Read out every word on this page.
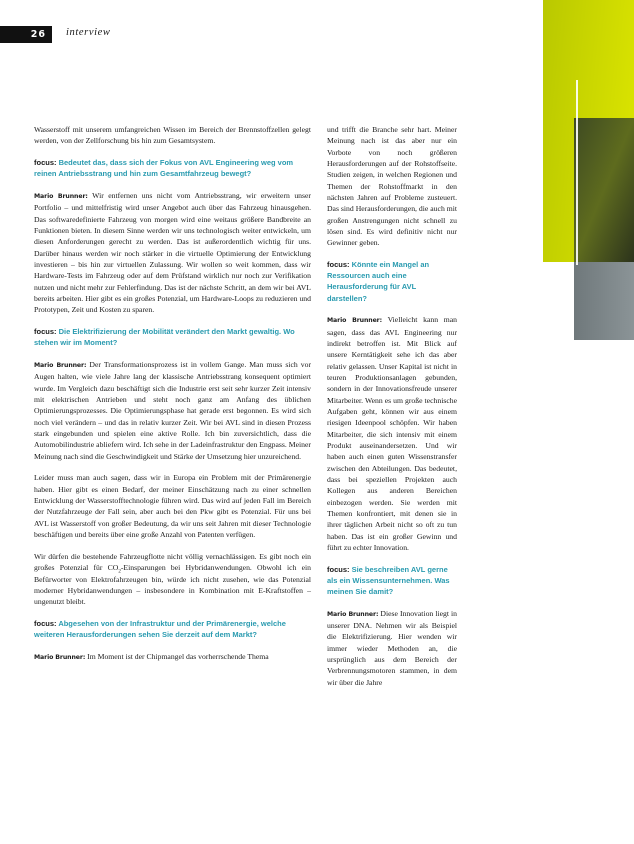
26	interview

Wasserstoff mit unserem umfangreichen Wissen im Bereich der Brennstoffzellen gelegt werden, von der Zellforschung bis hin zum Gesamtsystem.

focus: Bedeutet das, dass sich der Fokus von AVL Engineering weg vom reinen Antriebsstrang und hin zum Gesamtfahrzeug bewegt?

Mario Brunner: Wir entfernen uns nicht vom Antriebsstrang, wir erweitern unser Portfolio – und mittelfristig wird unser Angebot auch über das Fahrzeug hinausgehen. Das softwaredefinierte Fahrzeug von morgen wird eine weitaus größere Bandbreite an Funktionen bieten. In diesem Sinne werden wir uns technologisch weiter entwickeln, um diesen Anforderungen gerecht zu werden. Das ist außerordentlich wichtig für uns. Darüber hinaus werden wir noch stärker in die virtuelle Optimierung der Entwicklung investieren – bis hin zur virtuellen Zulassung. Wir wollen so weit kommen, dass wir Hardware-Tests im Fahrzeug oder auf dem Prüfstand wirklich nur noch zur Verifikation nutzen und nicht mehr zur Fehlerfindung. Das ist der nächste Schritt, an dem wir bei AVL bereits arbeiten. Hier gibt es ein großes Potenzial, um Hardware-Loops zu reduzieren und Prototypen, Zeit und Kosten zu sparen.

focus: Die Elektrifizierung der Mobilität verändert den Markt gewaltig. Wo stehen wir im Moment?

Mario Brunner: Der Transformationsprozess ist in vollem Gange. Man muss sich vor Augen halten, wie viele Jahre lang der klassische Antriebsstrang konsequent optimiert wurde. Im Vergleich dazu beschäftigt sich die Industrie erst seit sehr kurzer Zeit intensiv mit elektrischen Antrieben und steht noch ganz am Anfang des üblichen Optimierungsprozesses. Die Optimierungsphase hat gerade erst begonnen. Es wird sich noch viel verändern – und das in relativ kurzer Zeit. Wir bei AVL sind in diesen Prozess stark eingebunden und spielen eine aktive Rolle. Ich bin zuversichtlich, dass die Automobilindustrie abliefern wird. Ich sehe in der Ladeinfrastruktur den Engpass. Meiner Meinung nach sind die Geschwindigkeit und Stärke der Umsetzung hier unzureichend.

Leider muss man auch sagen, dass wir in Europa ein Problem mit der Primärenergie haben. Hier gibt es einen Bedarf, der meiner Einschätzung nach zu einer schnellen Entwicklung der Wasserstofftechnologie führen wird. Das wird auf jeden Fall im Bereich der Nutzfahrzeuge der Fall sein, aber auch bei den Pkw gibt es Potenzial. Für uns bei AVL ist Wasserstoff von großer Bedeutung, da wir uns seit Jahren mit dieser Technologie beschäftigen und bereits über eine große Anzahl von Patenten verfügen.

Wir dürfen die bestehende Fahrzeugflotte nicht völlig vernachlässigen. Es gibt noch ein großes Potenzial für $CO_2$-Einsparungen bei Hybridanwendungen. Obwohl ich ein Befürworter von Elektrofahrzeugen bin, würde ich nicht zusehen, wie das Potenzial moderner Hybridanwendungen – insbesondere in Kombination mit E-Kraftstoffen – ungenutzt bleibt.

focus: Abgesehen von der Infrastruktur und der Primärenergie, welche weiteren Herausforderungen sehen Sie derzeit auf dem Markt?

Mario Brunner: Im Moment ist der Chipmangel das vorherrschende Thema

und trifft die Branche sehr hart. Meiner Meinung nach ist das aber nur ein Vorbote von noch größeren Herausforderungen auf der Rohstoffseite. Studien zeigen, in welchen Regionen und Themen der Rohstoffmarkt in den nächsten Jahren auf Probleme zusteuert. Das sind Herausforderungen, die auch mit großen Anstrengungen nicht schnell zu lösen sind. Es wird definitiv nicht nur Gewinner geben.

focus: Könnte ein Mangel an Ressourcen auch eine Herausforderung für AVL darstellen?

Mario Brunner: Vielleicht kann man sagen, dass das AVL Engineering nur indirekt betroffen ist. Mit Blick auf unsere Kerntätigkeit sehe ich das aber relativ gelassen. Unser Kapital ist nicht in teuren Produktionsanlagen gebunden, sondern in der Innovationsfreude unserer Mitarbeiter. Wenn es um große technische Aufgaben geht, können wir aus einem riesigen Ideenpool schöpfen. Wir haben Mitarbeiter, die sich intensiv mit einem Produkt auseinandersetzen. Und wir haben auch einen guten Wissenstransfer zwischen den Abteilungen. Das bedeutet, dass bei speziellen Projekten auch Kollegen aus anderen Bereichen einbezogen werden. Sie werden mit Themen konfrontiert, mit denen sie in ihrer täglichen Arbeit nicht so oft zu tun haben. Das ist ein großer Gewinn und führt zu echter Innovation.

focus: Sie beschreiben AVL gerne als ein Wissensunternehmen. Was meinen Sie damit?

Mario Brunner: Diese Innovation liegt in unserer DNA. Nehmen wir als Beispiel die Elektrifizierung. Hier wenden wir immer wieder Methoden an, die ursprünglich aus dem Bereich der Verbrennungsmotoren stammen, in dem wir über die Jahre
